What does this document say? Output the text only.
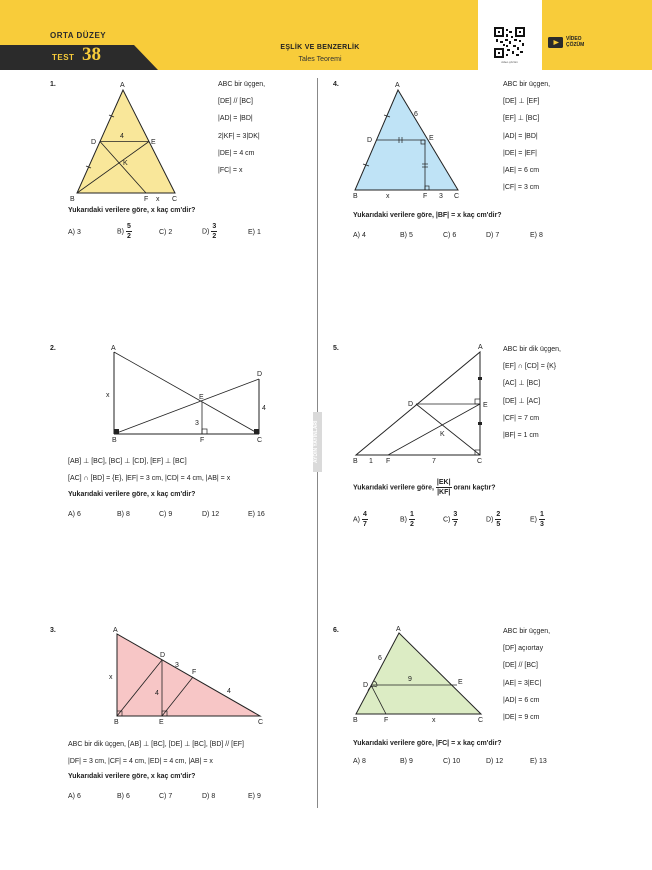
ORTA DÜZEY
TEST 38	EŞLİK VE BENZERLİK
Tales Teoremi	video çözüm
VİDEO
ÇÖZÜM
AYDIN YAYINLARI
1.	A
D	E
4
K
B	F x C
ABC bir üçgen,
[DE] // [BC]
|AD| = |BD|
2|KF| = 3|DK|
|DE| = 4 cm
|FC| = x
Yukarıdaki verilere göre, x kaç cm'dir?
A) 3	$B) \frac{5}{2}$	C) 2	$D) \frac{3}{2}$	E) 1
4.	A
6
D	E
B	x	F 3 C
ABC bir üçgen,
[DE] ⊥ [EF]
[EF] ⊥ [BC]
|AD| = |BD|
|DE| = |EF|
|AE| = 6 cm
|CF| = 3 cm
Yukarıdaki verilere göre, |BF| = x kaç cm'dir?
A) 4	B) 5	C) 6	D) 7	E) 8
2.	A
x
D
4
E
3
B	F	C
[AB] ⊥ [BC], [BC] ⊥ [CD], [EF] ⊥ [BC]
[AC] ∩ [BD] = {E}, |EF| = 3 cm, |CD| = 4 cm, |AB| = x
Yukarıdaki verilere göre, x kaç cm'dir?
A) 6	B) 8	C) 9	D) 12	E) 16
5.	A
D	E
K
B 1 F	7	C
ABC bir dik üçgen,
[EF] ∩ [CD] = {K}
[AC] ⊥ [BC]
[DE] ⊥ [AC]
|CF| = 7 cm
|BF| = 1 cm
Yukarıdaki verilere göre, $\frac{|EK|}{|KF|}$ oranı kaçtır?
$A) \frac{4}{7}$	$B) \frac{1}{2}$	$C) \frac{3}{7}$	$D) \frac{2}{5}$	$E) \frac{1}{3}$
3.	A
x
D
3
F
4	4
B	E	C
ABC bir dik üçgen, [AB] ⊥ [BC], [DE] ⊥ [BC], [BD] // [EF]
|DF| = 3 cm, |CF| = 4 cm, |ED| = 4 cm, |AB| = x
Yukarıdaki verilere göre, x kaç cm'dir?
A) 6	B) 6	C) 7	D) 8	E) 9
6.	A
6
D
9	E
B	F	x	C
ABC bir üçgen,
[DF] açıortay
[DE] // [BC]
|AE| = 3|EC|
|AD| = 6 cm
|DE| = 9 cm
Yukarıdaki verilere göre, |FC| = x kaç cm'dir?
A) 8	B) 9	C) 10	D) 12	E) 13
